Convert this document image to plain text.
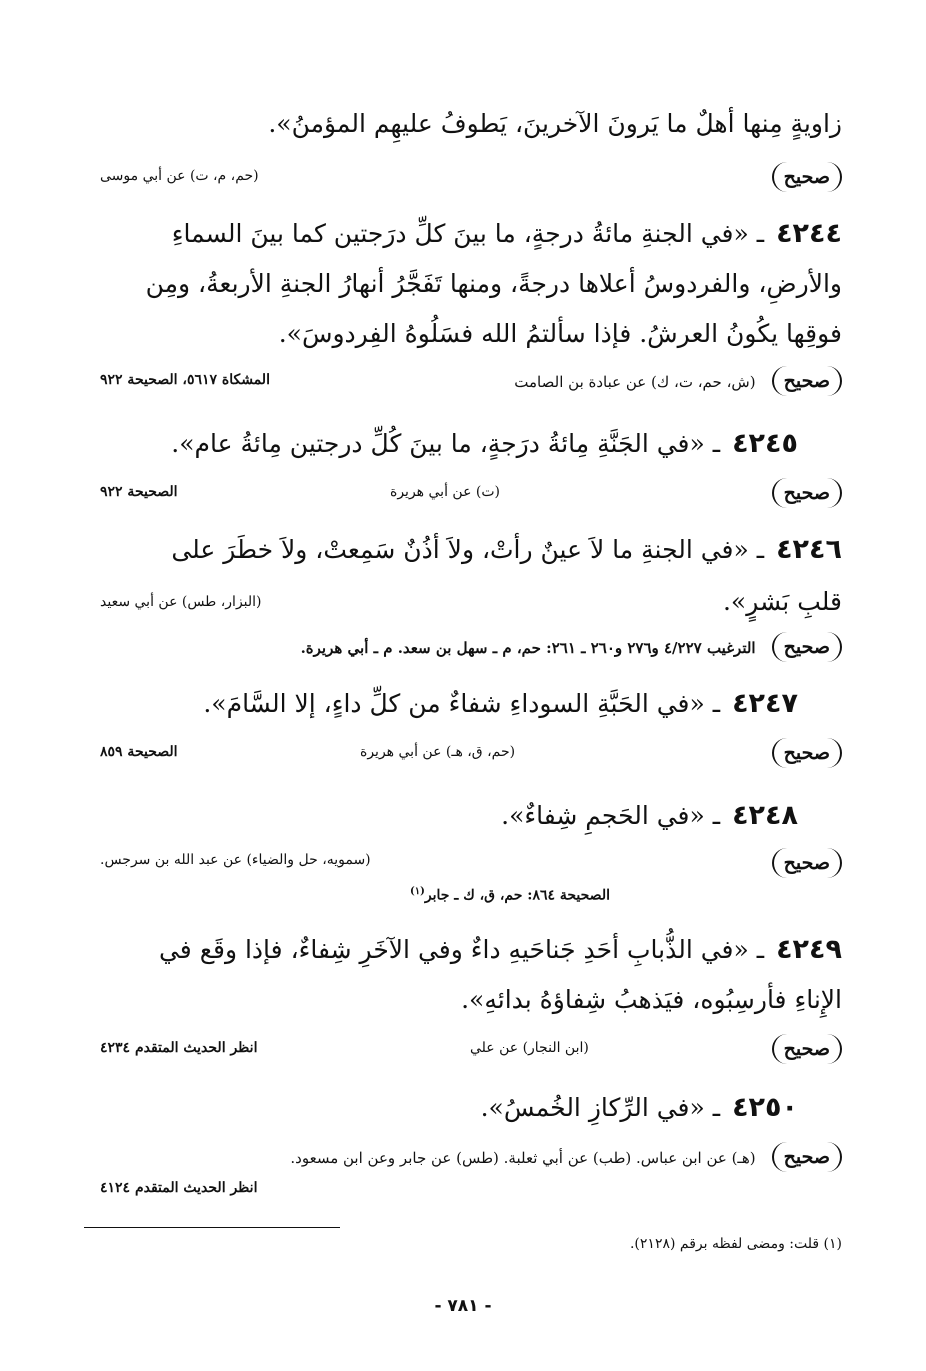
زاويةٍ مِنها أهلٌ ما يَرونَ الآخرينَ، يَطوفُ عليهِم المؤمنُ».
صحيح
(حم، م، ت) عن أبي موسى
٤٢٤٤ـ «في الجنةِ مائةُ درجةٍ، ما بينَ كلِّ درَجتين كما بينَ السماءِ
والأرضِ، والفردوسُ أعلاها درجةً، ومنها تَفَجَّرُ أنهارُ الجنةِ الأربعةُ، ومِن
فوقِها يكُونُ العرشُ. فإذا سألتمُ الله فسَلُوهُ الفِردوسَ».
صحيح(ش، حم، ت، ك) عن عبادة بن الصامت
المشكاة ٥٦١٧، الصحيحة ٩٢٢
٤٢٤٥ـ «في الجَنَّةِ مِائةُ درَجةٍ، ما بينَ كُلِّ درجتين مِائةُ عام».
صحيح
(ت) عن أبي هريرة
الصحيحة ٩٢٢
٤٢٤٦ـ «في الجنةِ ما لاَ عينٌ رأتْ، ولاَ أذُنٌ سَمِعتْ، ولاَ خطَرَ على
قلبِ بَشرٍ».
(البزار، طس) عن أبي سعيد
صحيحالترغيب ٤/٢٢٧ و٢٧٦ و٢٦٠ ـ ٢٦١: حم، م ـ سهل بن سعد. م ـ أبي هريرة.
٤٢٤٧ـ «في الحَبَّةِ السوداءِ شفاءٌ من كلِّ داءٍ، إلا السَّامَ».
صحيح
(حم، ق، هـ) عن أبي هريرة
الصحيحة ٨٥٩
٤٢٤٨ـ «في الحَجمِ شِفاءٌ».
صحيح
(سمويه، حل والضياء) عن عبد الله بن سرجس.
الصحيحة ٨٦٤: حم، ق، ك ـ جابر$^{(١)}$
٤٢٤٩ـ «في الذُّبابِ أحَدِ جَناحَيهِ داءٌ وفي الآخَرِ شِفاءٌ، فإذا وقَع في
الإِناءِ فأرسِبُوه، فيَذهبُ شِفاؤهُ بدائهِ».
صحيح
(ابن النجار) عن علي
انظر الحديث المتقدم ٤٢٣٤
٤٢٥٠ـ «في الرِّكازِ الخُمسُ».
صحيح(هـ) عن ابن عباس. (طب) عن أبي ثعلبة. (طس) عن جابر وعن ابن مسعود.
انظر الحديث المتقدم ٤١٢٤
(١) قلت: ومضى لفظه برقم (٢١٢٨).
- ٧٨١ -
